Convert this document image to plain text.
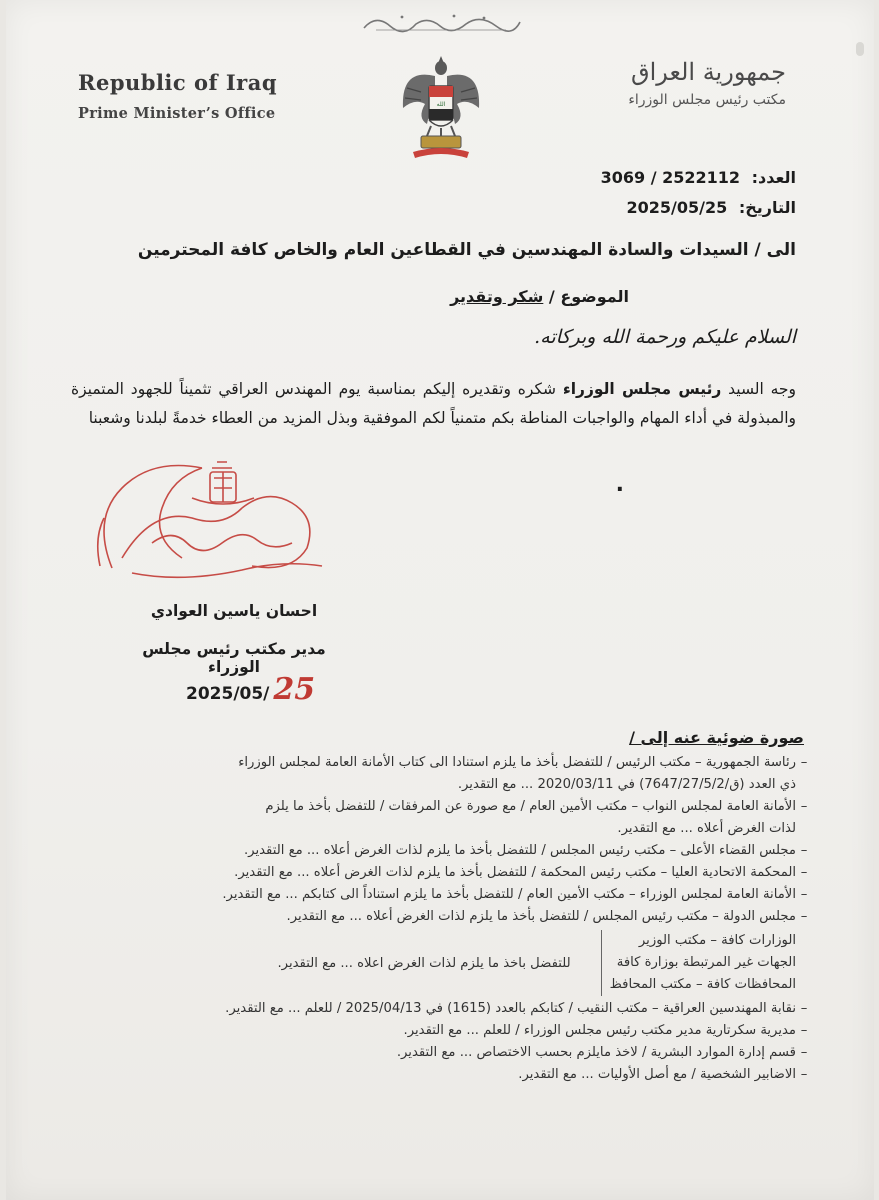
Republic of Iraq
Prime Minister’s Office
الله
جمهورية العراق
مكتب رئيس مجلس الوزراء
العدد: 3069 / 2522112
التاريخ: 2025/05/25
الى / السيدات والسادة المهندسين في القطاعين العام والخاص كافة المحترمين
الموضوع / شكر وتقدير
السلام عليكم ورحمة الله وبركاته.
وجه السيد رئيس مجلس الوزراء شكره وتقديره إليكم بمناسبة يوم المهندس العراقي تثميناً للجهود المتميزة والمبذولة في أداء المهام والواجبات المناطة بكم متمنياً لكم الموفقية وبذل المزيد من العطاء خدمةً لبلدنا وشعبنا
.
احسان ياسين العوادي
مدير مكتب رئيس مجلس الوزراء
2025/05/ 25
صورة ضوئية عنه إلى /
–
رئاسة الجمهورية – مكتب الرئيس / للتفضل بأخذ ما يلزم استنادا الى كتاب الأمانة العامة لمجلس الوزراء
ذي العدد (ق/7647/27/5/2) في 2020/03/11 ... مع التقدير.
–
الأمانة العامة لمجلس النواب – مكتب الأمين العام / مع صورة عن المرفقات / للتفضل بأخذ ما يلزم
لذات الغرض أعلاه ... مع التقدير.
–
مجلس القضاء الأعلى – مكتب رئيس المجلس / للتفضل بأخذ ما يلزم لذات الغرض أعلاه ... مع التقدير.
–
المحكمة الاتحادية العليا – مكتب رئيس المحكمة / للتفضل بأخذ ما يلزم لذات الغرض أعلاه ... مع التقدير.
–
الأمانة العامة لمجلس الوزراء – مكتب الأمين العام / للتفضل بأخذ ما يلزم استناداً الى كتابكم ... مع التقدير.
–
مجلس الدولة – مكتب رئيس المجلس / للتفضل بأخذ ما يلزم لذات الغرض أعلاه ... مع التقدير.
الوزارات كافة – مكتب الوزير
الجهات غير المرتبطة بوزارة كافة
المحافظات كافة – مكتب المحافظ
للتفضل باخذ ما يلزم لذات الغرض اعلاه ... مع التقدير.
–
نقابة المهندسين العراقية – مكتب النقيب / كتابكم بالعدد (1615) في 2025/04/13 / للعلم ... مع التقدير.
–
مديرية سكرتارية مدير مكتب رئيس مجلس الوزراء / للعلم ... مع التقدير.
–
قسم إدارة الموارد البشرية / لاخذ مايلزم بحسب الاختصاص ... مع التقدير.
–
الاضابير الشخصية / مع أصل الأوليات ... مع التقدير.
